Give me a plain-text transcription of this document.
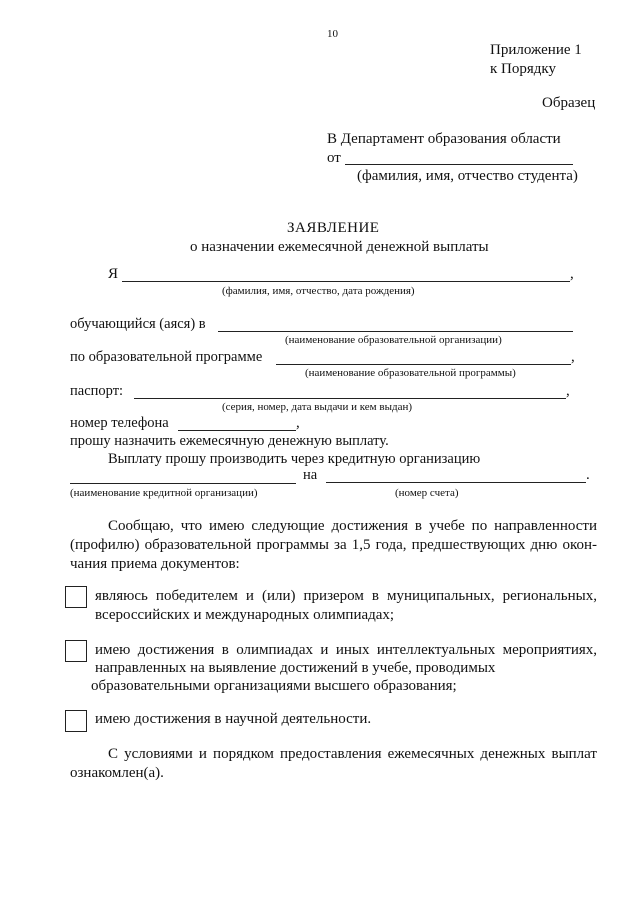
10
Приложение 1
к Порядку
Образец
В Департамент образования области
от
(фамилия, имя, отчество студента)
ЗАЯВЛЕНИЕ
о назначении ежемесячной денежной выплаты
Я	,
(фамилия, имя, отчество, дата рождения)
обучающийся (аяся) в
(наименование образовательной организации)
по образовательной программе	,
(наименование образовательной программы)
паспорт:	,
(серия, номер, дата выдачи и кем выдан)
номер телефона	,
прошу назначить ежемесячную денежную выплату.
Выплату прошу производить через кредитную организацию
на	.
(наименование кредитной организации)	(номер счета)
Сообщаю, что имею следующие достижения в учебе по направленности
(профилю) образовательной программы за 1,5 года, предшествующих дню окон-
чания приема документов:
являюсь победителем и (или) призером в муниципальных, региональных,
всероссийских и международных олимпиадах;
имею достижения в олимпиадах и иных интеллектуальных мероприятиях,
направленных на выявление достижений в учебе, проводимых
образовательными организациями высшего образования;
имею достижения в научной деятельности.
С условиями и порядком предоставления ежемесячных денежных выплат
ознакомлен(а).
